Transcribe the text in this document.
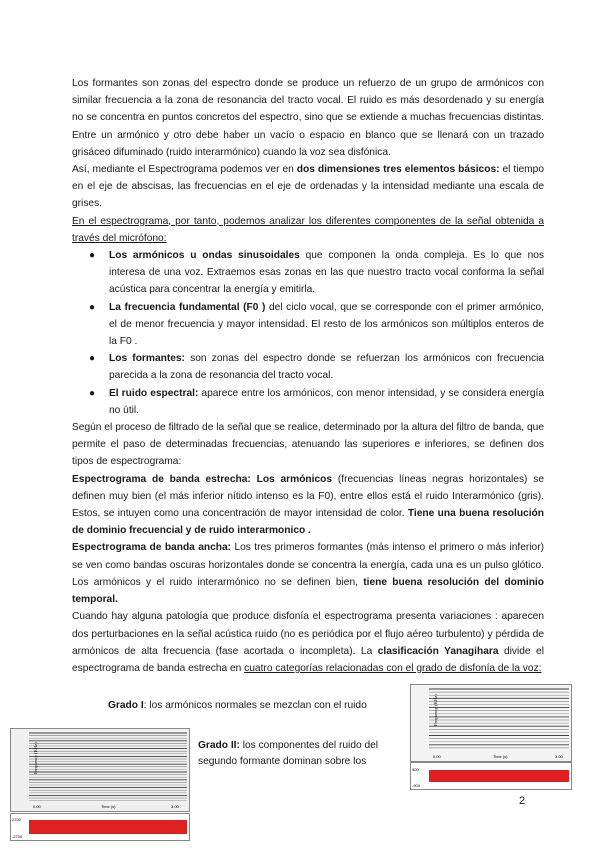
Los formantes son zonas del espectro donde se produce un refuerzo de un grupo de armónicos con similar frecuencia a la zona de resonancia del tracto vocal. El ruido es más desordenado y su energía no se concentra en puntos concretos del espectro, sino que se extiende a muchas frecuencias distintas. Entre un armónico y otro debe haber un vacío o espacio en blanco que se llenará con un trazado grisáceo difuminado (ruido interarmónico) cuando la voz sea disfónica.

Así, mediante el Espectrograma podemos ver en dos dimensiones tres elementos básicos: el tiempo en el eje de abscisas, las frecuencias en el eje de ordenadas y la intensidad mediante una escala de grises.

En el espectrograma, por tanto, podemos analizar los diferentes componentes de la señal obtenida a través del micrófono:

● Los armónicos u ondas sinusoidales que componen la onda compleja. Es lo que nos interesa de una voz. Extraemos esas zonas en las que nuestro tracto vocal conforma la señal acústica para concentrar la energía y emitirla.
● La frecuencia fundamental (F0 ) del ciclo vocal, que se corresponde con el primer armónico, el de menor frecuencia y mayor intensidad. El resto de los armónicos son múltiplos enteros de la F0 .
● Los formantes: son zonas del espectro donde se refuerzan los armónicos con frecuencia parecida a la zona de resonancia del tracto vocal.
● El ruido espectral: aparece entre los armónicos, con menor intensidad, y se considera energía no útil.

Según el proceso de filtrado de la señal que se realice, determinado por la altura del filtro de banda, que permite el paso de determinadas frecuencias, atenuando las superiores e inferiores, se definen dos tipos de espectrograma:

Espectrograma de banda estrecha: Los armónicos (frecuencias líneas negras horizontales) se definen muy bien (el más inferior nítido intenso es la F0), entre ellos está el ruido Interarmónico (gris). Estos, se intuyen como una concentración de mayor intensidad de color. Tiene una buena resolución de dominio frecuencial y de ruido interarmonico .

Espectrograma de banda ancha: Los tres primeros formantes (más intenso el primero o más inferior) se ven como bandas oscuras horizontales donde se concentra la energía, cada una es un pulso glótico. Los armónicos y el ruido interarmónico no se definen bien, tiene buena resolución del dominio temporal.

Cuando hay alguna patología que produce disfonía el espectrograma presenta variaciones : aparecen dos perturbaciones en la señal acústica ruido (no es periódica por el flujo aéreo turbulento) y pérdida de armónicos de alta frecuencia (fase acortada o incompleta). La clasificación Yanagihara divide el espectrograma de banda estrecha en cuatro categorías relacionadas con el grado de disfonía de la voz:

Grado I: los armónicos normales se mezclan con el ruido
Grado II: los componentes del ruido del segundo formante dominan sobre los
Frequency (KHz)
0.00	Time (s)	3.00
2700
-2700
Frequency (KHz)
0.00	Time (s)	3.00
900
-900
2
